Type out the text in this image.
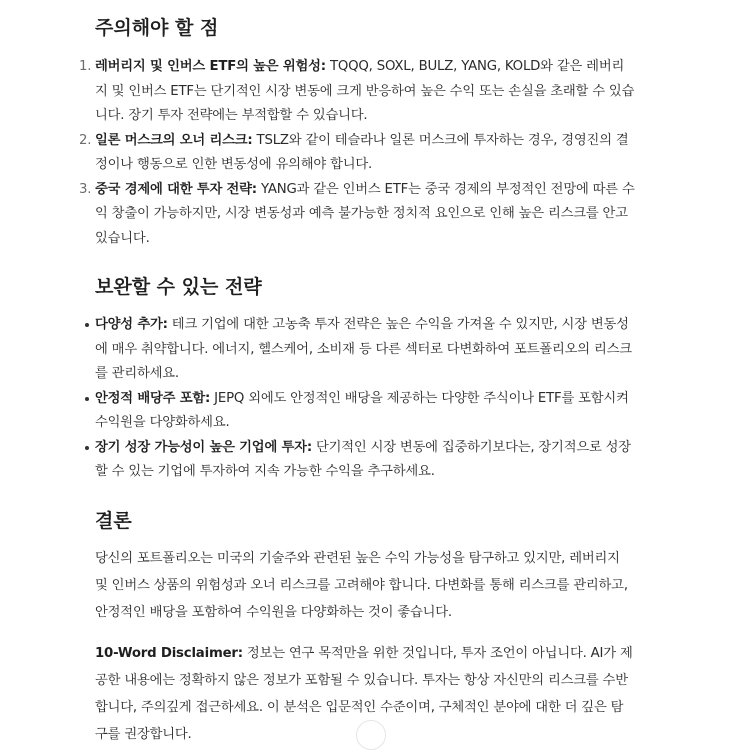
주의해야 할 점
1. 레버리지 및 인버스 ETF의 높은 위험성: TQQQ, SOXL, BULZ, YANG, KOLD와 같은 레버리지 및 인버스 ETF는 단기적인 시장 변동에 크게 반응하여 높은 수익 또는 손실을 초래할 수 있습니다. 장기 투자 전략에는 부적합할 수 있습니다.
2. 일론 머스크의 오너 리스크: TSLZ와 같이 테슬라나 일론 머스크에 투자하는 경우, 경영진의 결정이나 행동으로 인한 변동성에 유의해야 합니다.
3. 중국 경제에 대한 투자 전략: YANG과 같은 인버스 ETF는 중국 경제의 부정적인 전망에 따른 수익 창출이 가능하지만, 시장 변동성과 예측 불가능한 정치적 요인으로 인해 높은 리스크를 안고 있습니다.
보완할 수 있는 전략
다양성 추가: 테크 기업에 대한 고농축 투자 전략은 높은 수익을 가져올 수 있지만, 시장 변동성에 매우 취약합니다. 에너지, 헬스케어, 소비재 등 다른 섹터로 다변화하여 포트폴리오의 리스크를 관리하세요.
안정적 배당주 포함: JEPQ 외에도 안정적인 배당을 제공하는 다양한 주식이나 ETF를 포함시켜 수익원을 다양화하세요.
장기 성장 가능성이 높은 기업에 투자: 단기적인 시장 변동에 집중하기보다는, 장기적으로 성장할 수 있는 기업에 투자하여 지속 가능한 수익을 추구하세요.
결론

당신의 포트폴리오는 미국의 기술주와 관련된 높은 수익 가능성을 탐구하고 있지만, 레버리지 및 인버스 상품의 위험성과 오너 리스크를 고려해야 합니다. 다변화를 통해 리스크를 관리하고, 안정적인 배당을 포함하여 수익원을 다양화하는 것이 좋습니다.

10-Word Disclaimer: 정보는 연구 목적만을 위한 것입니다, 투자 조언이 아닙니다. AI가 제공한 내용에는 정확하지 않은 정보가 포함될 수 있습니다. 투자는 항상 자신만의 리스크를 수반합니다, 주의깊게 접근하세요. 이 분석은 입문적인 수준이며, 구체적인 분야에 대한 더 깊은 탐구를 권장합니다.
